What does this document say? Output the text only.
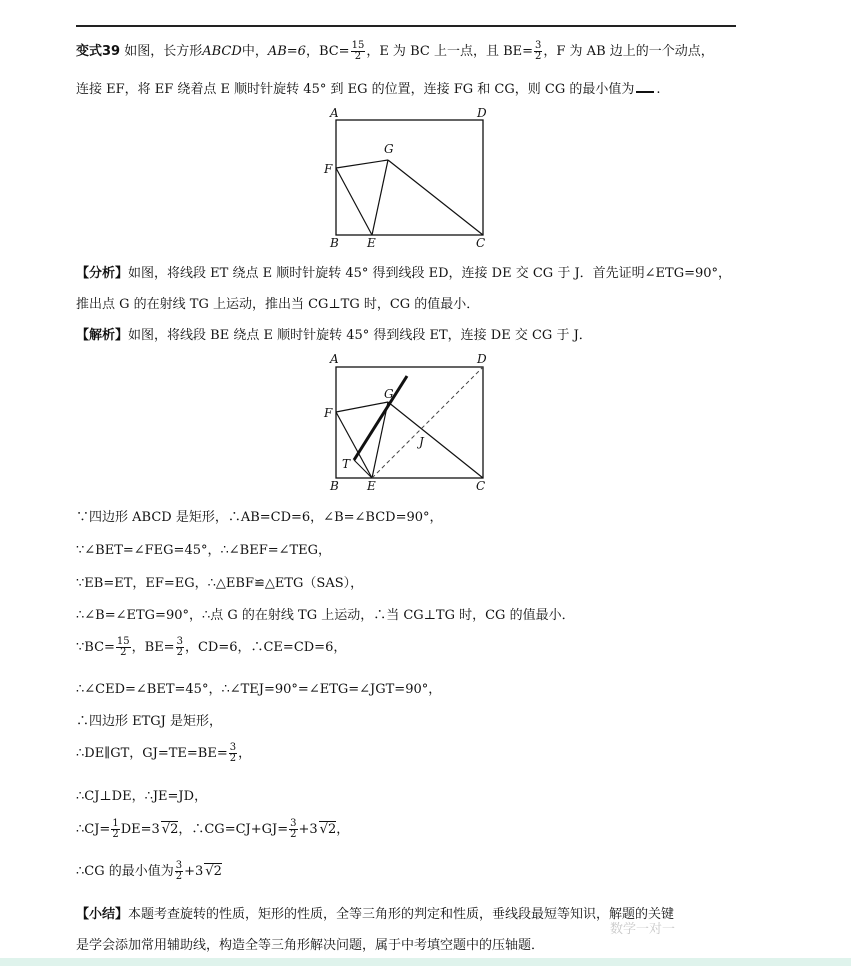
变式39 如图，长方形ABCD中，AB=6，$BC= \frac{15}{2}$ ，E 为 BC 上一点，且 $BE= \frac{3}{2}$ ，F 为 AB 边上的一个动点，
连接 EF，将 EF 绕着点 E 顺时针旋转 45° 到 EG 的位置，连接 FG 和 CG，则 CG 的最小值为 .
A	D
F
G
B E	C
【分析】如图，将线段 ET 绕点 E 顺时针旋转 45° 得到线段 ED，连接 DE 交 CG 于 J．首先证明∠ETG=90°，
推出点 G 的在射线 TG 上运动，推出当 CG⊥TG 时，CG 的值最小．
【解析】如图，将线段 BE 绕点 E 顺时针旋转 45° 得到线段 ET，连接 DE 交 CG 于 J．
A	D
F
G
J
T
B E	C
∵四边形 ABCD 是矩形，∴AB=CD=6，∠B=∠BCD=90°，
∵∠BET=∠FEG=45°，∴∠BEF=∠TEG，
∵EB=ET，EF=EG，∴△EBF≌△ETG（SAS），
∴∠B=∠ETG=90°，∴点 G 的在射线 TG 上运动，∴当 CG⊥TG 时，CG 的值最小．
∵BC= $\frac{15}{2}$ ，$BE= \frac{3}{2}$ ，CD=6，∴CE=CD=6，
∴∠CED=∠BET=45°，∴∠TEJ=90°=∠ETG=∠JGT=90°，
∴四边形 ETGJ 是矩形，
∴DE∥GT，$GJ=TE=BE= \frac{3}{2}$ ，
∴CJ⊥DE，∴JE=JD，
∴CJ= $\frac{1}{2} DE=3$ √2，∴CG=CJ+GJ= $\frac{3}{2} +3$ √2，
∴CG 的最小值为 $\frac{3}{2} +3$ √2
【小结】本题考查旋转的性质，矩形的性质，全等三角形的判定和性质，垂线段最短等知识，解题的关键
是学会添加常用辅助线，构造全等三角形解决问题，属于中考填空题中的压轴题．
数学一对一
